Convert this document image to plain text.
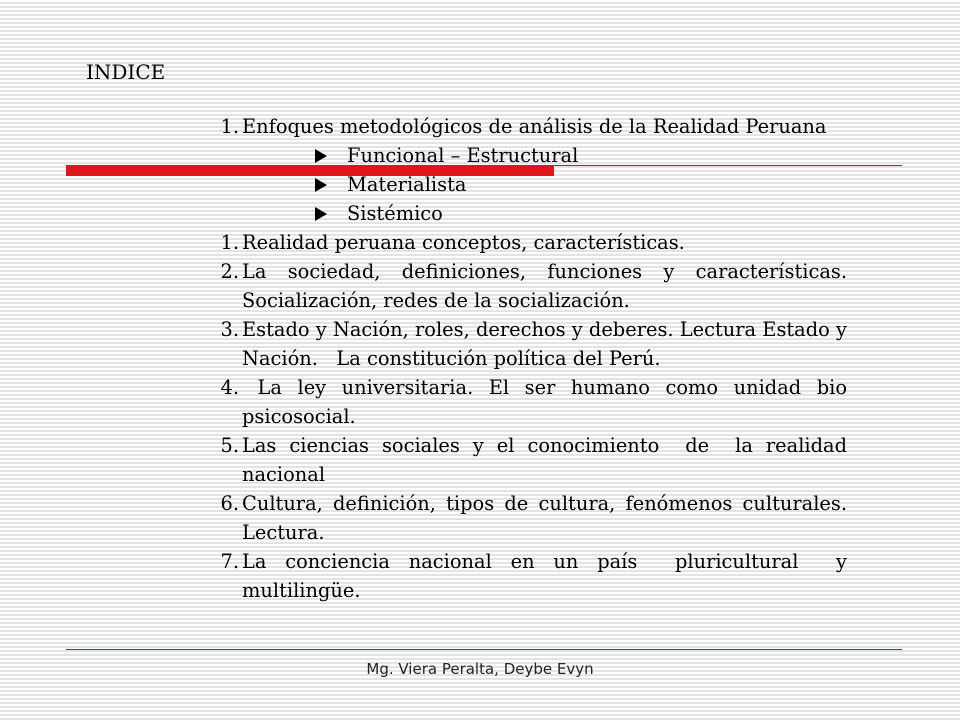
INDICE
1. Enfoques metodológicos de análisis de la Realidad Peruana
Funcional – Estructural
Materialista
Sistémico
1. Realidad peruana conceptos, características.
2. La sociedad, definiciones, funciones y características. Socialización, redes de la socialización.
3. Estado y Nación, roles, derechos y deberes. Lectura Estado y Nación.   La constitución política del Perú.
4. La ley universitaria. El ser humano como unidad bio psicosocial.
5. Las ciencias sociales y el conocimiento  de  la realidad nacional
6. Cultura, definición, tipos de cultura, fenómenos culturales. Lectura.
7. La conciencia nacional en un país  pluricultural  y multilingüe.
Mg. Viera Peralta, Deybe Evyn
